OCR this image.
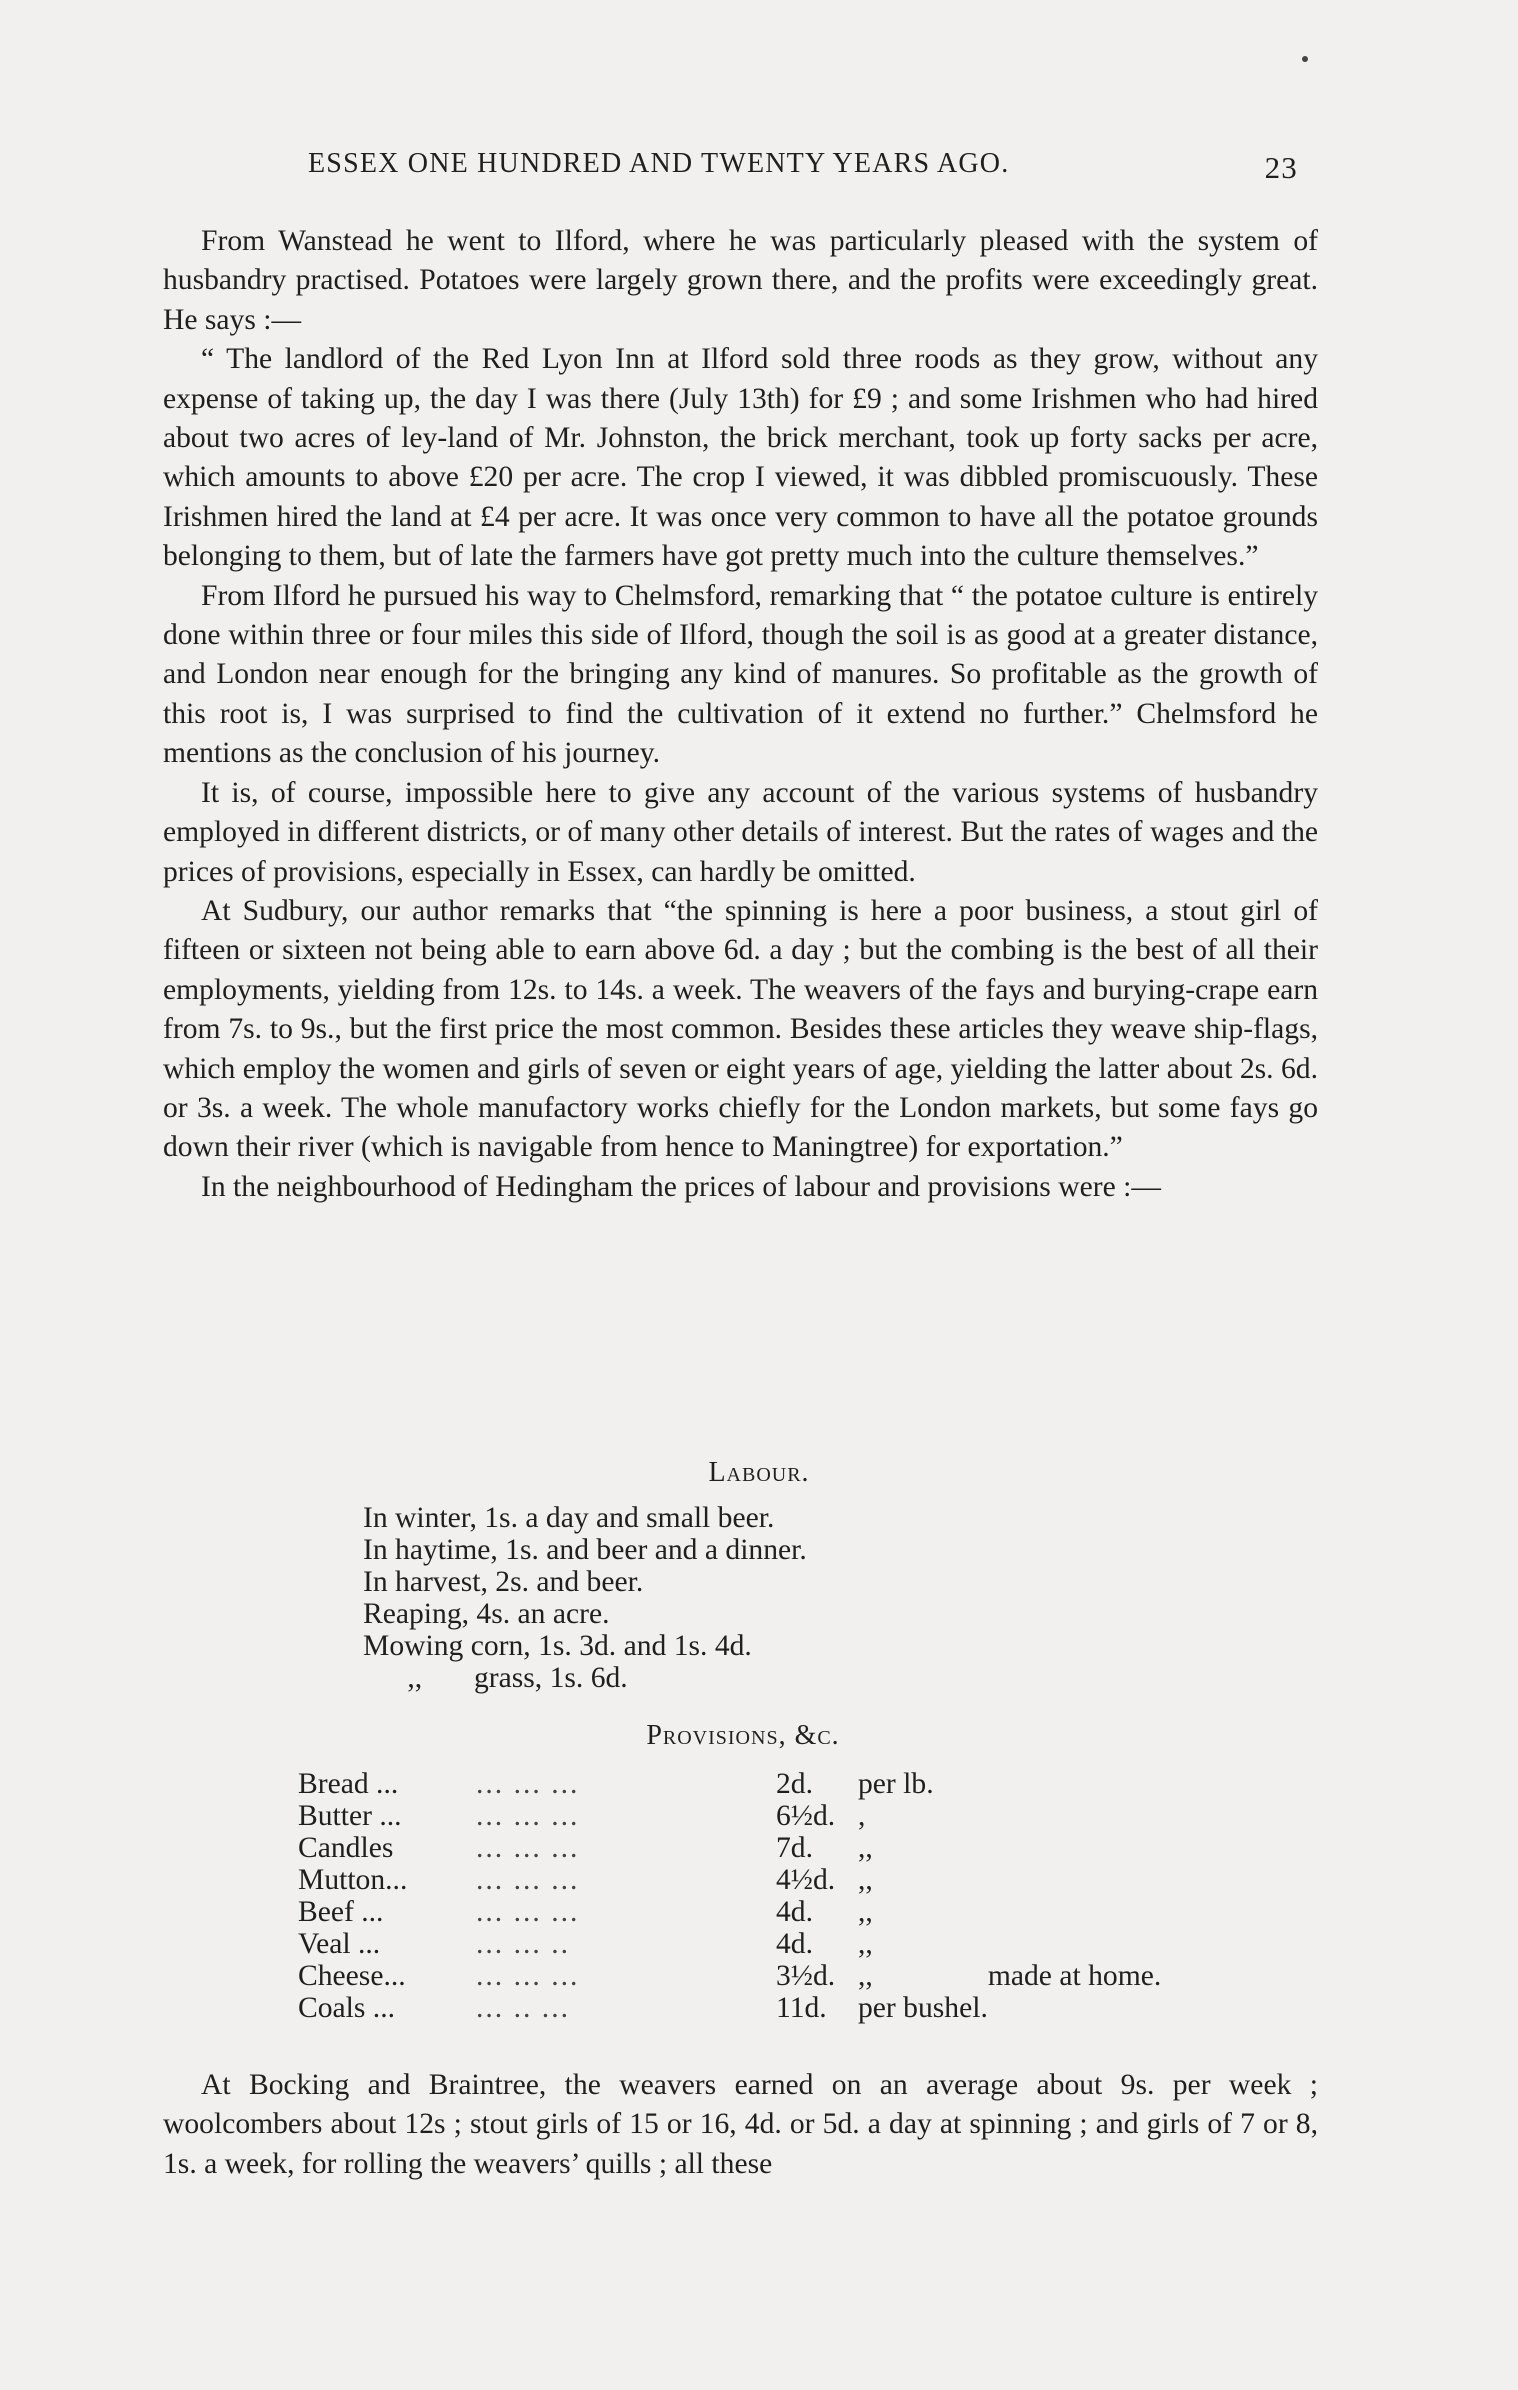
ESSEX ONE HUNDRED AND TWENTY YEARS AGO.	23

From Wanstead he went to Ilford, where he was particularly pleased with the system of husbandry practised. Potatoes were largely grown there, and the profits were exceedingly great. He says :—

“ The landlord of the Red Lyon Inn at Ilford sold three roods as they grow, without any expense of taking up, the day I was there (July 13th) for £9 ; and some Irishmen who had hired about two acres of ley-land of Mr. Johnston, the brick merchant, took up forty sacks per acre, which amounts to above £20 per acre. The crop I viewed, it was dibbled promiscuously. These Irishmen hired the land at £4 per acre. It was once very common to have all the potatoe grounds belonging to them, but of late the farmers have got pretty much into the culture themselves.”

From Ilford he pursued his way to Chelmsford, remarking that “ the potatoe culture is entirely done within three or four miles this side of Ilford, though the soil is as good at a greater distance, and London near enough for the bringing any kind of manures. So profitable as the growth of this root is, I was surprised to find the cultivation of it extend no further.” Chelmsford he mentions as the conclusion of his journey.

It is, of course, impossible here to give any account of the various systems of husbandry employed in different districts, or of many other details of interest. But the rates of wages and the prices of provisions, especially in Essex, can hardly be omitted.

At Sudbury, our author remarks that “the spinning is here a poor business, a stout girl of fifteen or sixteen not being able to earn above 6d. a day ; but the combing is the best of all their employments, yielding from 12s. to 14s. a week. The weavers of the fays and burying-crape earn from 7s. to 9s., but the first price the most common. Besides these articles they weave ship-flags, which employ the women and girls of seven or eight years of age, yielding the latter about 2s. 6d. or 3s. a week. The whole manufactory works chiefly for the London markets, but some fays go down their river (which is navigable from hence to Maningtree) for exportation.”

In the neighbourhood of Hedingham the prices of labour and provisions were :—

Labour.
In winter, 1s. a day and small beer.
In haytime, 1s. and beer and a dinner.
In harvest, 2s. and beer.
Reaping, 4s. an acre.
Mowing corn, 1s. 3d. and 1s. 4d.
,,       grass, 1s. 6d.
Provisions, &c.
Bread ...	... ... ...	2d.	per lb.	
Butter ...	... ... ...	6½d.	,	
Candles	... ... ...	7d.	,,	
Mutton...	... ... ...	4½d.	,,	
Beef ...	... ... ...	4d.	,,	
Veal ...	... ... ..	4d.	,,	
Cheese...	... ... ...	3½d.	,,	made at home.
Coals ...	... .. ...	11d.	per bushel.	

At Bocking and Braintree, the weavers earned on an average about 9s. per week ; woolcombers about 12s ; stout girls of 15 or 16, 4d. or 5d. a day at spinning ; and girls of 7 or 8, 1s. a week, for rolling the weavers’ quills ; all these
